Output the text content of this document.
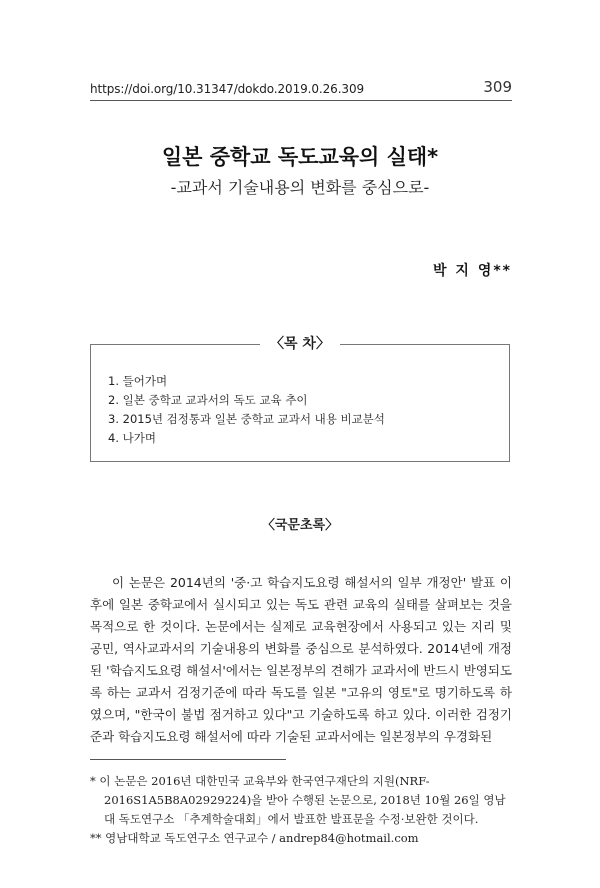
https://doi.org/10.31347/dokdo.2019.0.26.309	309
일본 중학교 독도교육의 실태*
-교과서 기술내용의 변화를 중심으로-
박 지 영**
〈목 차〉
1. 들어가며
2. 일본 중학교 교과서의 독도 교육 추이
3. 2015년 검정통과 일본 중학교 교과서 내용 비교분석
4. 나가며
〈국문초록〉

이 논문은 2014년의 '중·고 학습지도요령 해설서의 일부 개정안' 발표 이후에 일본 중학교에서 실시되고 있는 독도 관련 교육의 실태를 살펴보는 것을 목적으로 한 것이다. 논문에서는 실제로 교육현장에서 사용되고 있는 지리 및 공민, 역사교과서의 기술내용의 변화를 중심으로 분석하였다. 2014년에 개정된 '학습지도요령 해설서'에서는 일본정부의 견해가 교과서에 반드시 반영되도록 하는 교과서 검정기준에 따라 독도를 일본 "고유의 영토"로 명기하도록 하였으며, "한국이 불법 점거하고 있다"고 기술하도록 하고 있다. 이러한 검정기준과 학습지도요령 해설서에 따라 기술된 교과서에는 일본정부의 우경화된

* 이 논문은 2016년 대한민국 교육부와 한국연구재단의 지원(NRF-2016S1A5B8A02929224)을 받아 수행된 논문으로, 2018년 10월 26일 영남대 독도연구소 「추계학술대회」에서 발표한 발표문을 수정·보완한 것이다.
** 영남대학교 독도연구소 연구교수 / andrep84@hotmail.com
